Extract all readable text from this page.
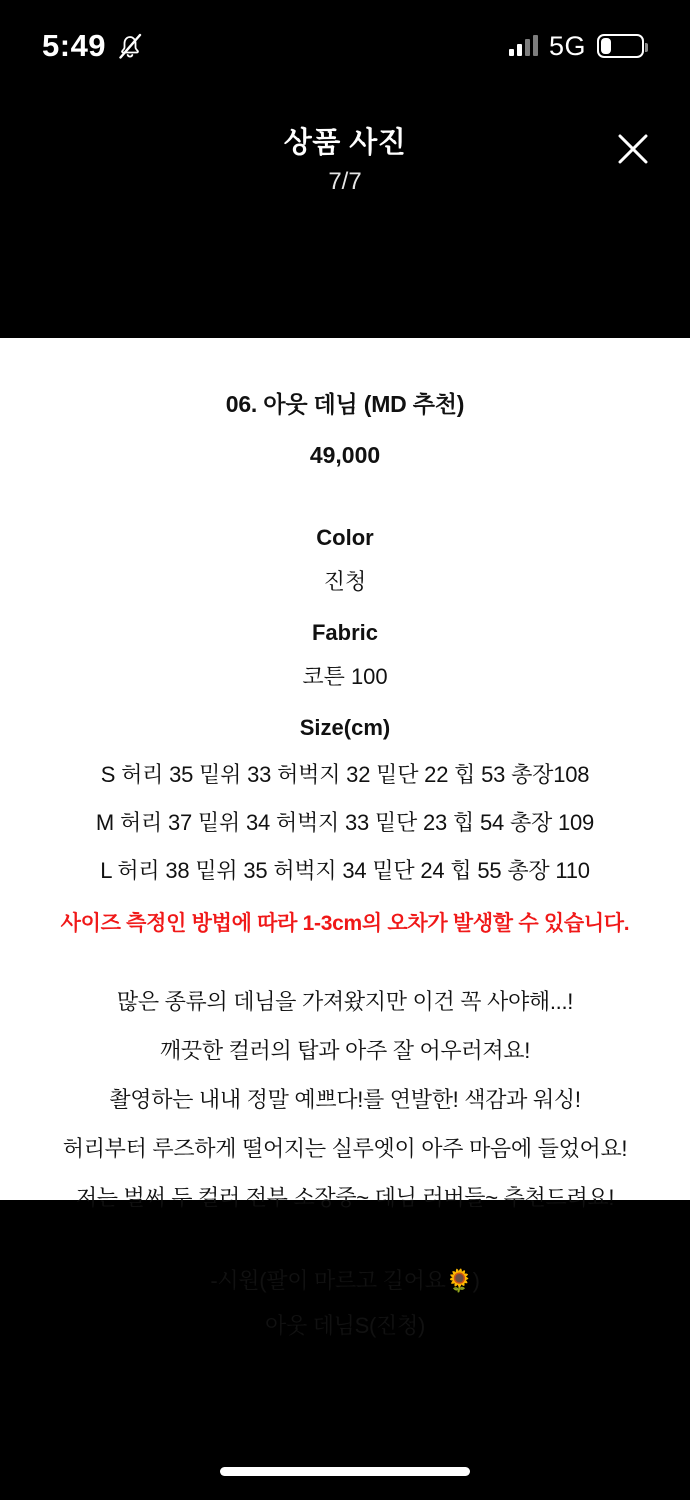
5:49	5G
상품 사진
7/7
06. 아웃 데님 (MD 추천)
49,000
Color
진청
Fabric
코튼 100
Size(cm)
S 허리 35 밑위 33 허벅지 32 밑단 22 힙 53 총장108
M 허리 37 밑위 34 허벅지 33 밑단 23 힙 54 총장 109
L 허리 38 밑위 35 허벅지 34 밑단 24 힙 55 총장 110
사이즈 측정인 방법에 따라 1-3cm의 오차가 발생할 수 있습니다.
많은 종류의 데님을 가져왔지만 이건 꼭 사야해...!
깨끗한 컬러의 탑과 아주 잘 어우러져요!
촬영하는 내내 정말 예쁘다!를 연발한! 색감과 워싱!
허리부터 루즈하게 떨어지는 실루엣이 아주 마음에 들었어요!
저는 벌써 두 컬러 전부 소장중~ 데님 러버들~ 추천드려요!
-시원(팔이 마르고 길어요🌻)
아웃 데님S(진청)
